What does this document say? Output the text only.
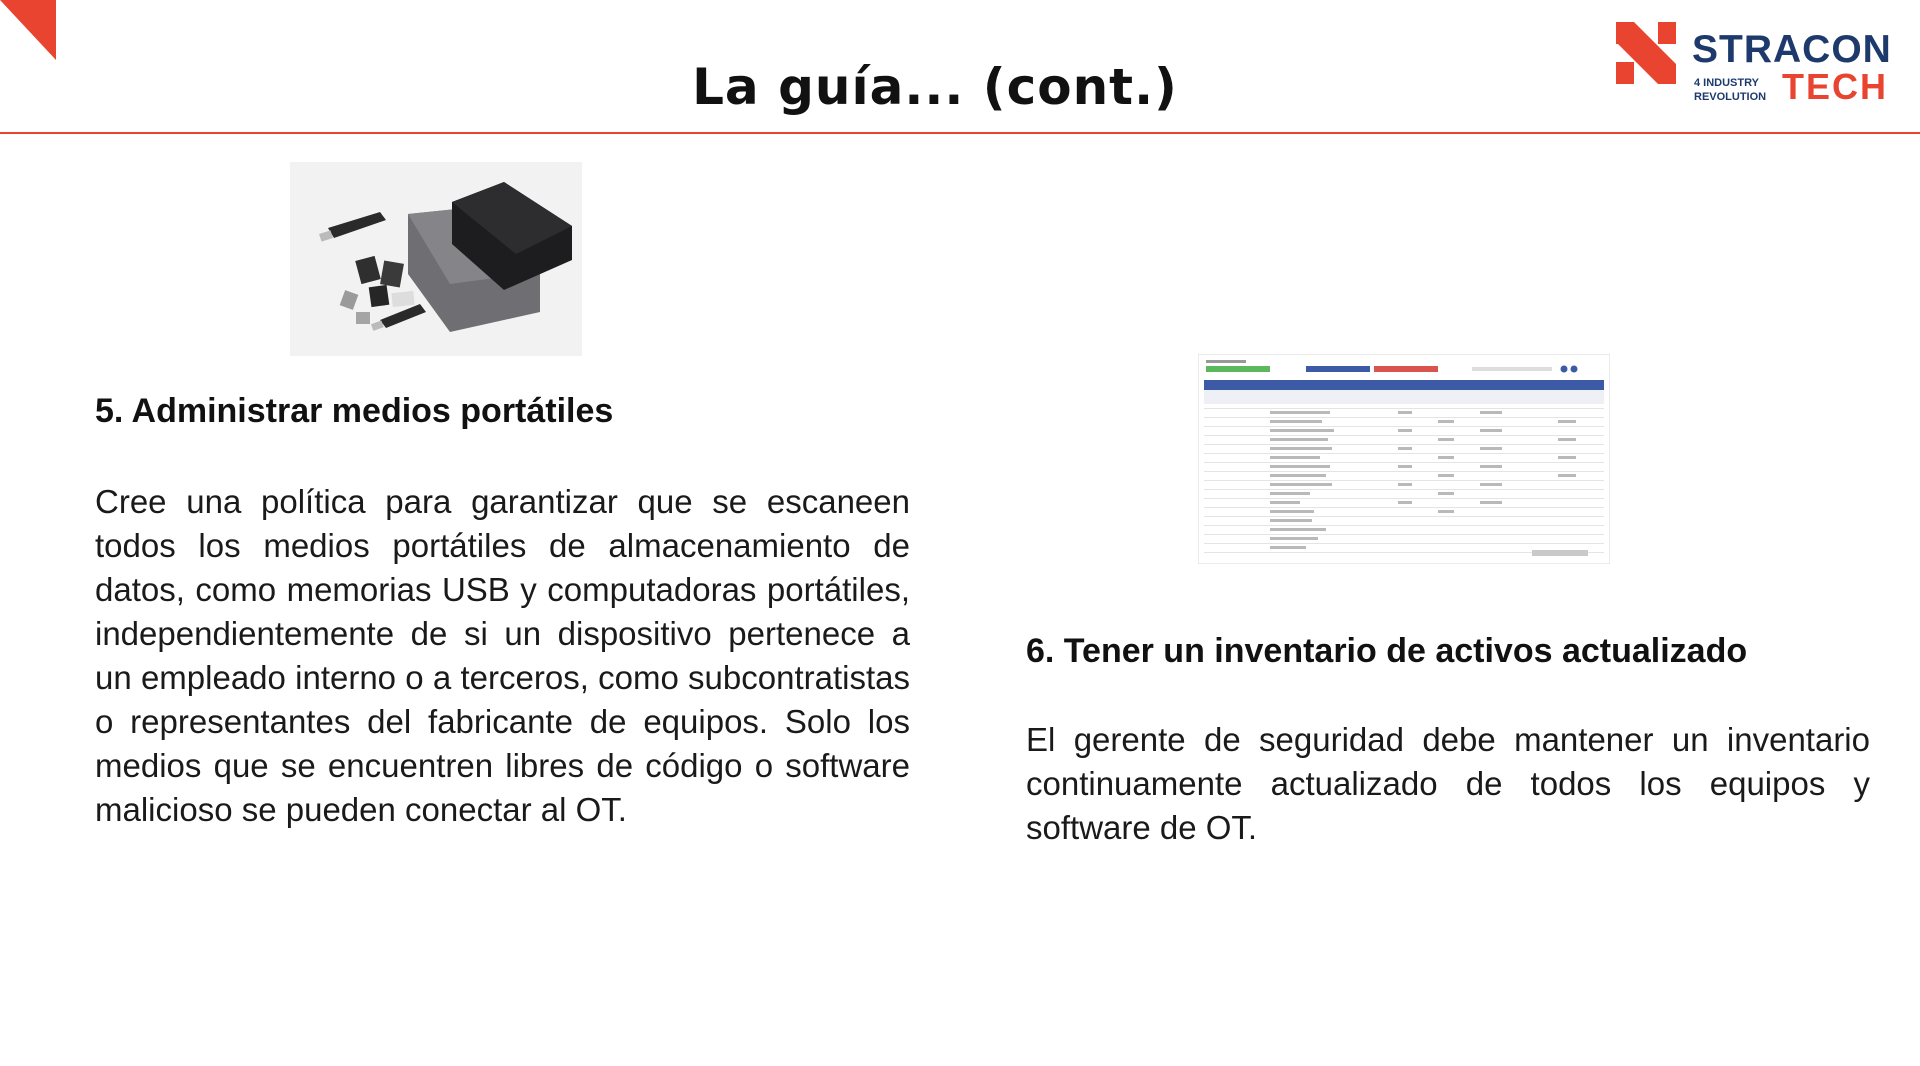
La guía... (cont.)
STRACON
4 INDUSTRY
REVOLUTION TECH
5. Administrar medios portátiles

Cree una política para garantizar que se escaneen todos los medios portátiles de almacenamiento de datos, como memorias USB y computadoras portátiles, independientemente de si un dispositivo pertenece a un empleado interno o a terceros, como subcontratistas o representantes del fabricante de equipos. Solo los medios que se encuentren libres de código o software malicioso se pueden conectar al OT.

6. Tener un inventario de activos actualizado

El gerente de seguridad debe mantener un inventario continuamente actualizado de todos los equipos y software de OT.
